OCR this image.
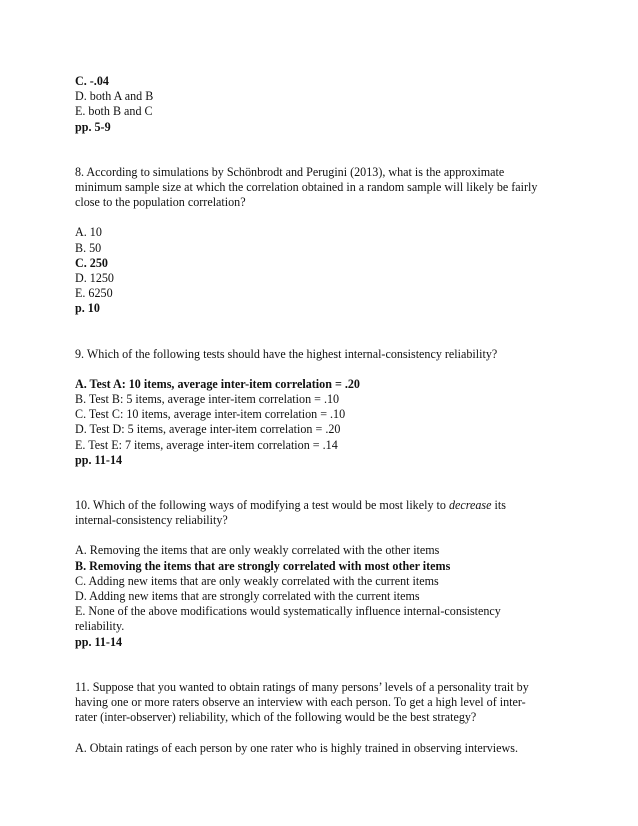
C. -.04
D. both A and B
E. both B and C
pp. 5-9
8. According to simulations by Schönbrodt and Perugini (2013), what is the approximate
minimum sample size at which the correlation obtained in a random sample will likely be fairly
close to the population correlation?
A. 10
B. 50
C. 250
D. 1250
E. 6250
p. 10
9. Which of the following tests should have the highest internal-consistency reliability?
A. Test A: 10 items, average inter-item correlation = .20
B. Test B: 5 items, average inter-item correlation = .10
C. Test C: 10 items, average inter-item correlation = .10
D. Test D: 5 items, average inter-item correlation = .20
E. Test E: 7 items, average inter-item correlation = .14
pp. 11-14
10. Which of the following ways of modifying a test would be most likely to decrease its
internal-consistency reliability?
A. Removing the items that are only weakly correlated with the other items
B. Removing the items that are strongly correlated with most other items
C. Adding new items that are only weakly correlated with the current items
D. Adding new items that are strongly correlated with the current items
E. None of the above modifications would systematically influence internal-consistency
reliability.
pp. 11-14
11. Suppose that you wanted to obtain ratings of many persons’ levels of a personality trait by
having one or more raters observe an interview with each person. To get a high level of inter-
rater (inter-observer) reliability, which of the following would be the best strategy?
A. Obtain ratings of each person by one rater who is highly trained in observing interviews.
